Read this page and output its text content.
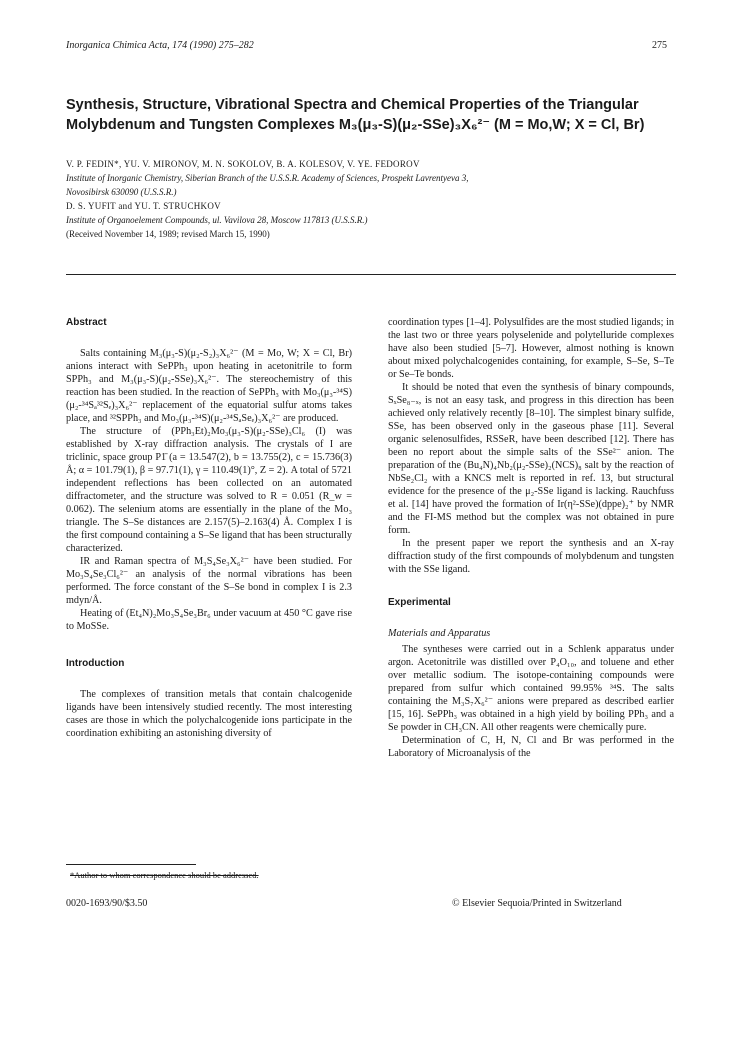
Inorganica Chimica Acta, 174 (1990) 275–282	275
Synthesis, Structure, Vibrational Spectra and Chemical Properties of the Triangular Molybdenum and Tungsten Complexes M₃(μ₃-S)(μ₂-SSe)₃X₆²⁻ (M = Mo,W; X = Cl, Br)
V. P. FEDIN*, YU. V. MIRONOV, M. N. SOKOLOV, B. A. KOLESOV, V. YE. FEDOROV
Institute of Inorganic Chemistry, Siberian Branch of the U.S.S.R. Academy of Sciences, Prospekt Lavrentyeva 3,
Novosibirsk 630090 (U.S.S.R.)
D. S. YUFIT and YU. T. STRUCHKOV
Institute of Organoelement Compounds, ul. Vavilova 28, Moscow 117813 (U.S.S.R.)
(Received November 14, 1989; revised March 15, 1990)
Abstract

Salts containing M₃(μ₃-S)(μ₂-S₂)₃X₆²⁻ (M = Mo, W; X = Cl, Br) anions interact with SePPh₃ upon heating in acetonitrile to form SPPh₃ and M₃(μ₃-S)(μ₂-SSe)₃X₆²⁻. The stereochemistry of this reaction has been studied. In the reaction of SePPh₃ with Mo₃(μ₃-³⁴S)(μ₂-³⁴Sₐ³²Sₑ)₃X₆²⁻ replacement of the equatorial sulfur atoms takes place, and ³²SPPh₃ and Mo₃(μ₃-³⁴S)(μ₂-³⁴SₐSeₑ)₃X₆²⁻ are produced.

The structure of (PPh₃Et)₂Mo₃(μ₃-S)(μ₂-SSe)₃Cl₆ (I) was established by X-ray diffraction analysis. The crystals of I are triclinic, space group P1̄ (a = 13.547(2), b = 13.755(2), c = 15.736(3) Å; α = 101.79(1), β = 97.71(1), γ = 110.49(1)°, Z = 2). A total of 5721 independent reflections has been collected on an automated diffractometer, and the structure was solved to R = 0.051 (R_w = 0.062). The selenium atoms are essentially in the plane of the Mo₃ triangle. The S–Se distances are 2.157(5)–2.163(4) Å. Complex I is the first compound containing a S–Se ligand that has been structurally characterized.

IR and Raman spectra of M₃S₄Se₃X₆²⁻ have been studied. For Mo₃S₄Se₃Cl₆²⁻ an analysis of the normal vibrations has been performed. The force constant of the S–Se bond in complex I is 2.3 mdyn/Å.

Heating of (Et₄N)₂Mo₃S₄Se₃Br₆ under vacuum at 450 °C gave rise to MoSSe.

Introduction

The complexes of transition metals that contain chalcogenide ligands have been intensively studied recently. The most interesting cases are those in which the polychalcogenide ions participate in the coordination exhibiting an astonishing diversity of

coordination types [1–4]. Polysulfides are the most studied ligands; in the last two or three years polyselenide and polytelluride complexes have also been studied [5–7]. However, almost nothing is known about mixed polychalcogenides containing, for example, S–Se, S–Te or Se–Te bonds.

It should be noted that even the synthesis of binary compounds, SₓSe₈₋ₓ, is not an easy task, and progress in this direction has been achieved only relatively recently [8–10]. The simplest binary sulfide, SSe, has been observed only in the gaseous phase [11]. Several organic selenosulfides, RSSeR, have been described [12]. There has been no report about the simple salts of the SSe²⁻ anion. The preparation of the (Bu₄N)₄Nb₂(μ₂-SSe)₂(NCS)₈ salt by the reaction of NbSe₂Cl₂ with a KNCS melt is reported in ref. 13, but structural evidence for the presence of the μ₂-SSe ligand is lacking. Rauchfuss et al. [14] have proved the formation of Ir(η²-SSe)(dppe)₂⁺ by NMR and the FI-MS method but the complex was not obtained in pure form.

In the present paper we report the synthesis and an X-ray diffraction study of the first compounds of molybdenum and tungsten with the SSe ligand.

Experimental
Materials and Apparatus

The syntheses were carried out in a Schlenk apparatus under argon. Acetonitrile was distilled over P₄O₁₀, and toluene and ether over metallic sodium. The isotope-containing compounds were prepared from sulfur which contained 99.95% ³⁴S. The salts containing the M₃S₇X₆²⁻ anions were prepared as described earlier [15, 16]. SePPh₃ was obtained in a high yield by boiling PPh₃ and a Se powder in CH₃CN. All other reagents were chemically pure.

Determination of C, H, N, Cl and Br was performed in the Laboratory of Microanalysis of the

*Author to whom correspondence should be addressed.
0020-1693/90/$3.50	© Elsevier Sequoia/Printed in Switzerland
